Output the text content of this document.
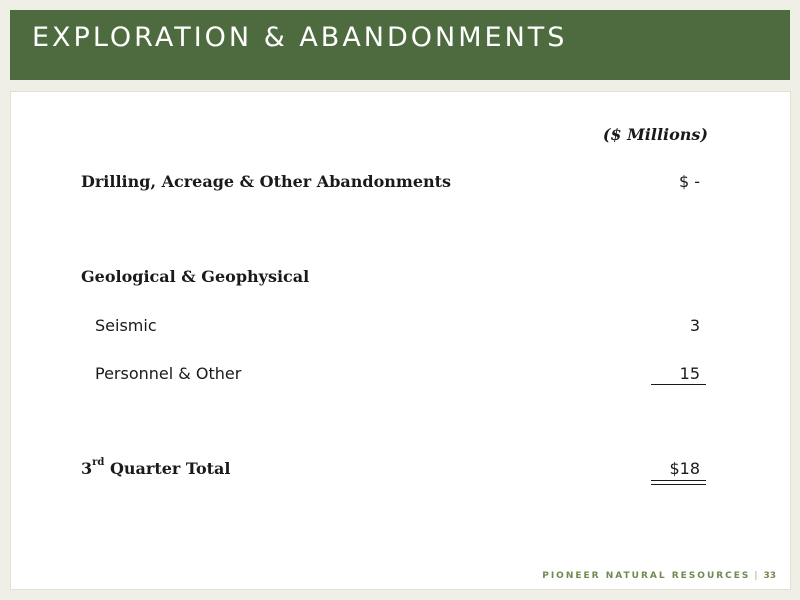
EXPLORATION & ABANDONMENTS
($ Millions)
Drilling, Acreage & Other Abandonments	$ -
Geological & Geophysical
Seismic	3
Personnel & Other	15
3rd Quarter Total	$18
PIONEER NATURAL RESOURCES | 33
